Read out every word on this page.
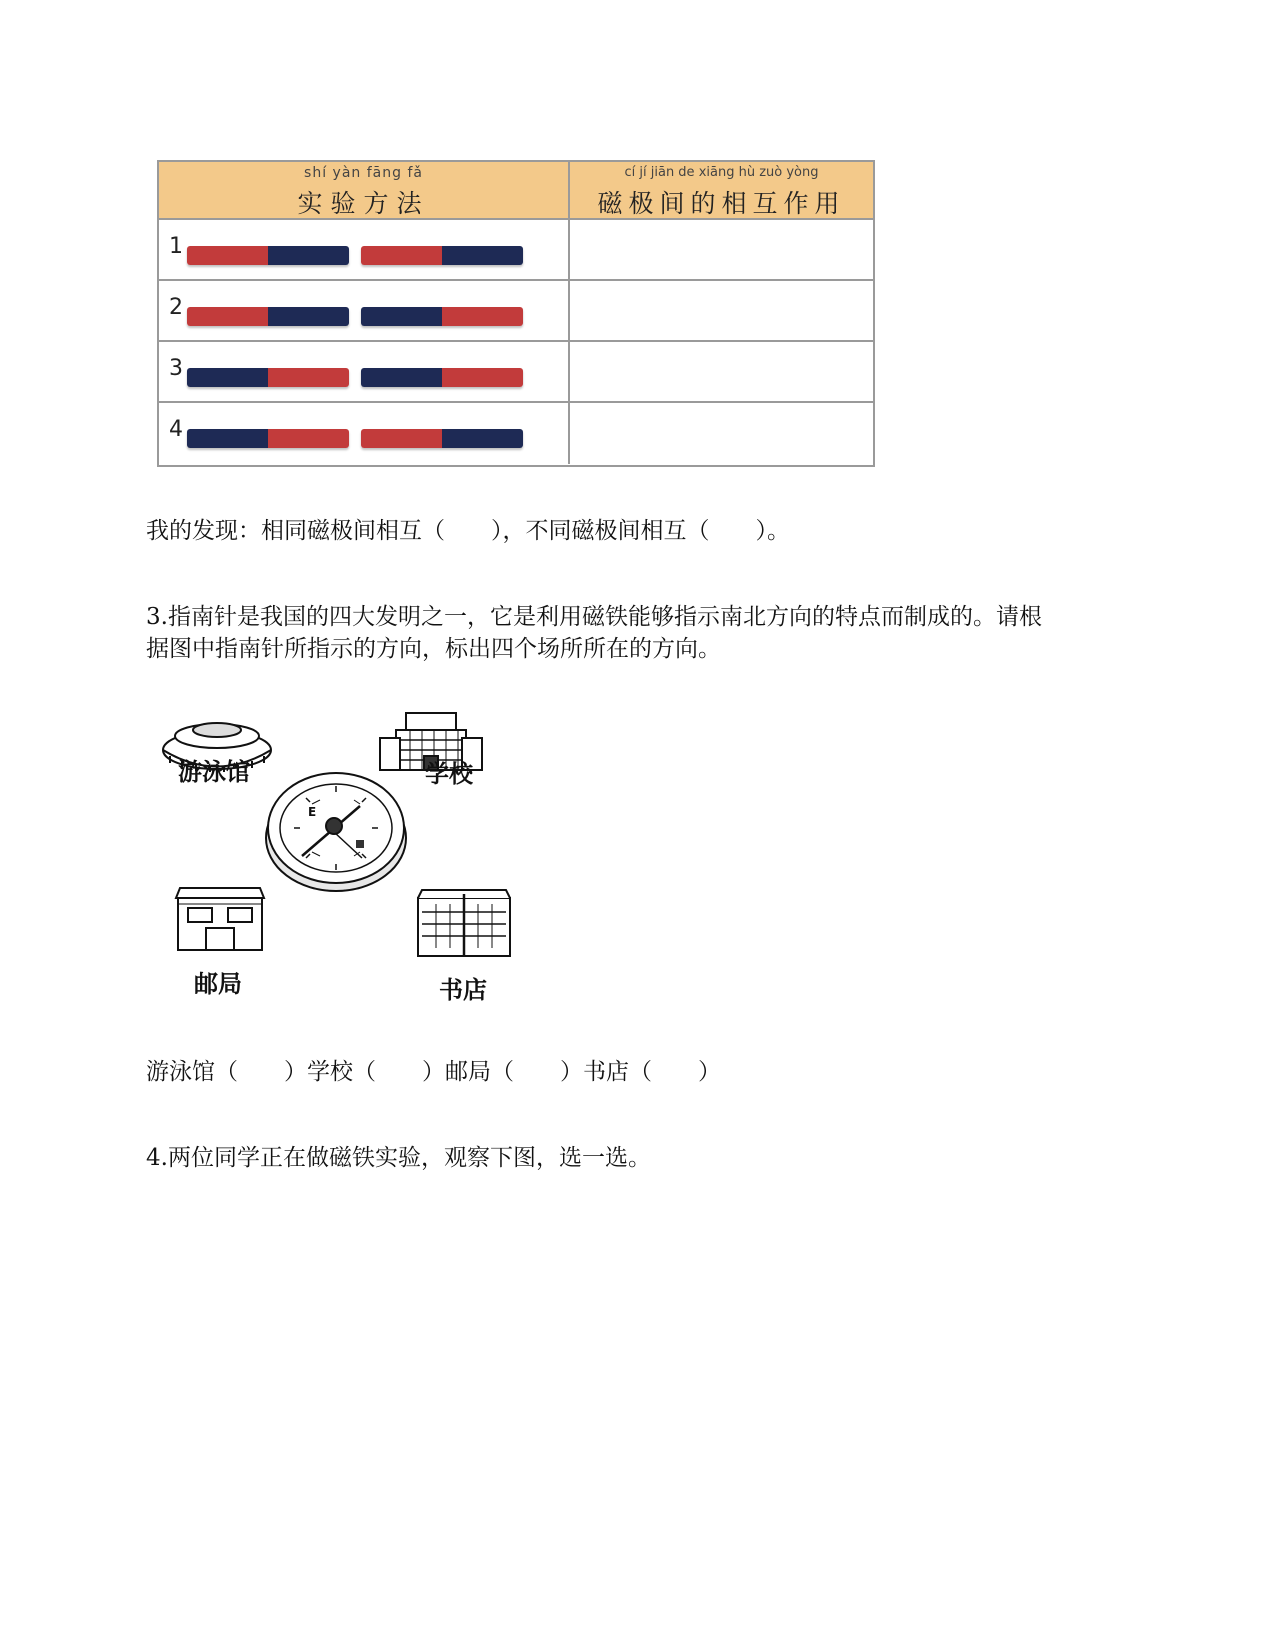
shí yàn fāng fǎ
实验方法
cí jí jiān de xiāng hù zuò yòng
磁极间的相互作用
1
2
3
4
我的发现：相同磁极间相互（　　），不同磁极间相互（　　）。
3.指南针是我国的四大发明之一，它是利用磁铁能够指示南北方向的特点而制成的。请根
据图中指南针所指示的方向，标出四个场所所在的方向。
E
游泳馆	学校
邮局	书店
游泳馆（　　）学校（　　）邮局（　　）书店（　　）
4.两位同学正在做磁铁实验，观察下图，选一选。
